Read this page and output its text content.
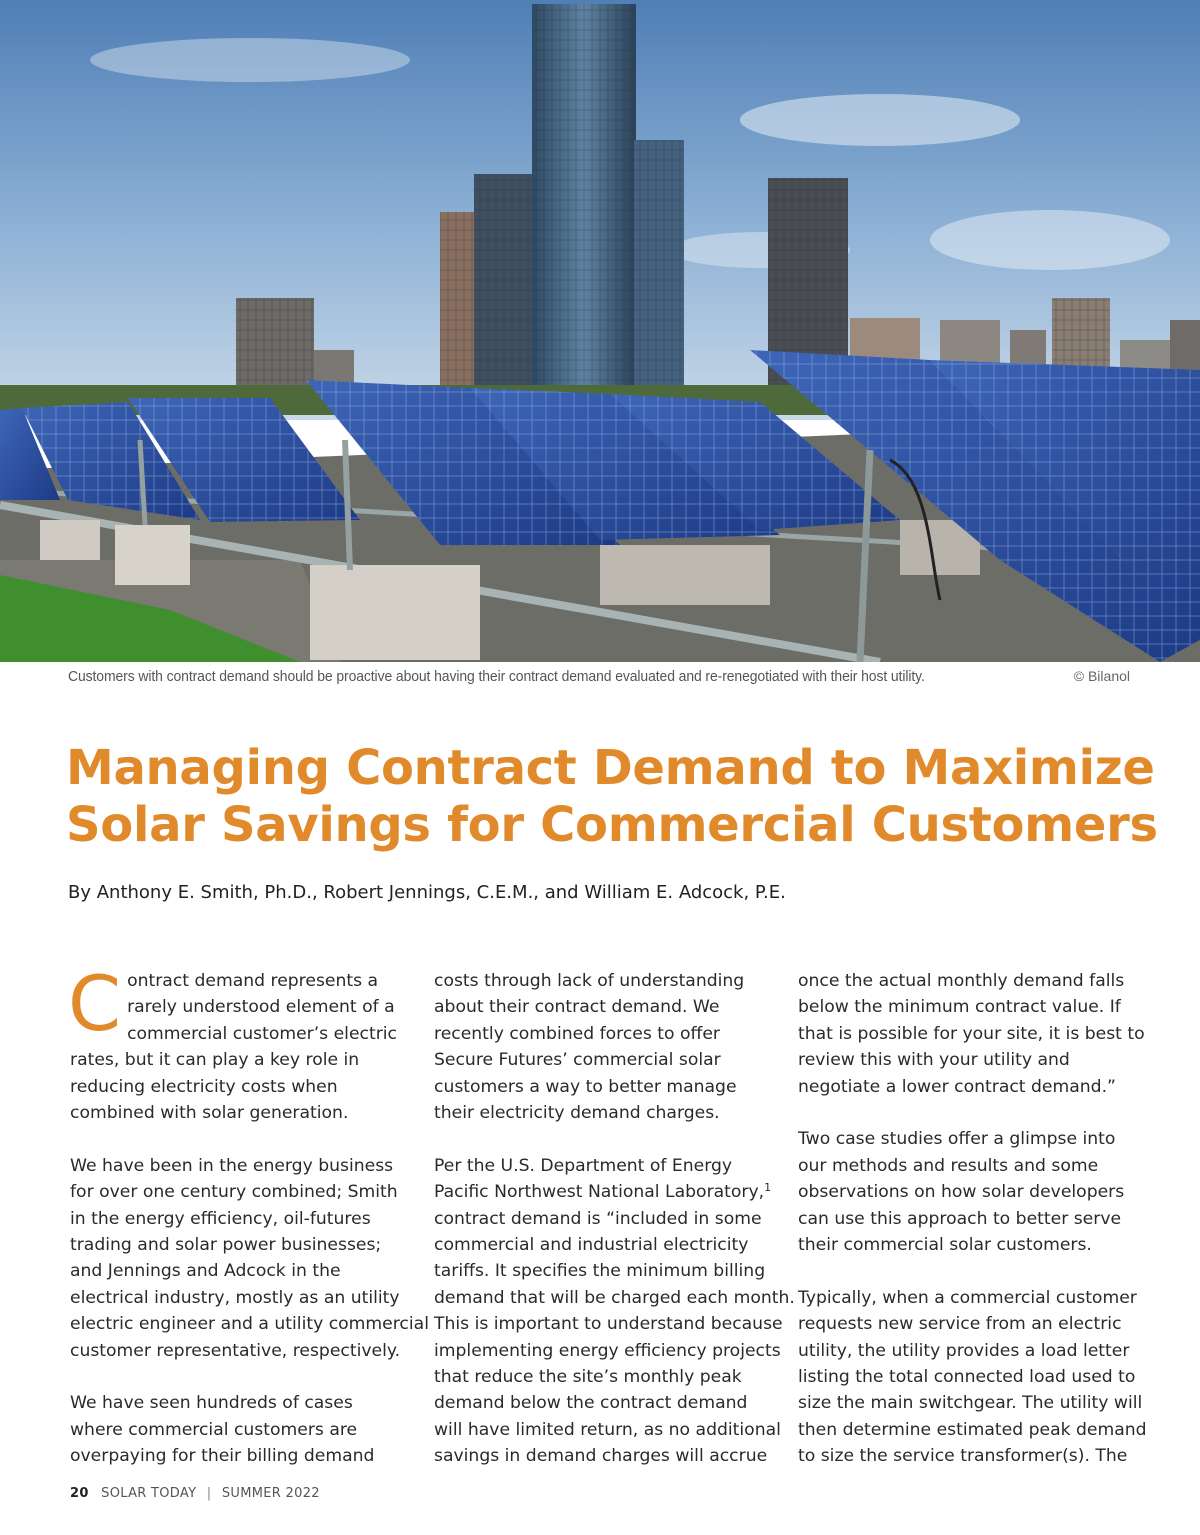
Customers with contract demand should be proactive about having their contract demand evaluated and re-renegotiated with their host utility.	© Bilanol
Managing Contract Demand to Maximize
Solar Savings for Commercial Customers
By Anthony E. Smith, Ph.D., Robert Jennings, C.E.M., and William E. Adcock, P.E.

C ontract demand represents a
rarely understood element of a
commercial customer’s electric
rates, but it can play a key role in
reducing electricity costs when
combined with solar generation.

We have been in the energy business
for over one century combined; Smith
in the energy efficiency, oil-futures
trading and solar power businesses;
and Jennings and Adcock in the
electrical industry, mostly as an utility
electric engineer and a utility commercial
customer representative, respectively.

We have seen hundreds of cases
where commercial customers are
overpaying for their billing demand

costs through lack of understanding
about their contract demand. We
recently combined forces to offer
Secure Futures’ commercial solar
customers a way to better manage
their electricity demand charges.

Per the U.S. Department of Energy
Pacific Northwest National Laboratory,$^1$
contract demand is “included in some
commercial and industrial electricity
tariffs. It specifies the minimum billing
demand that will be charged each month.
This is important to understand because
implementing energy efficiency projects
that reduce the site’s monthly peak
demand below the contract demand
will have limited return, as no additional
savings in demand charges will accrue

once the actual monthly demand falls
below the minimum contract value. If
that is possible for your site, it is best to
review this with your utility and
negotiate a lower contract demand.”

Two case studies offer a glimpse into
our methods and results and some
observations on how solar developers
can use this approach to better serve
their commercial solar customers.

Typically, when a commercial customer
requests new service from an electric
utility, the utility provides a load letter
listing the total connected load used to
size the main switchgear. The utility will
then determine estimated peak demand
to size the service transformer(s). The

20 SOLAR TODAY | SUMMER 2022
